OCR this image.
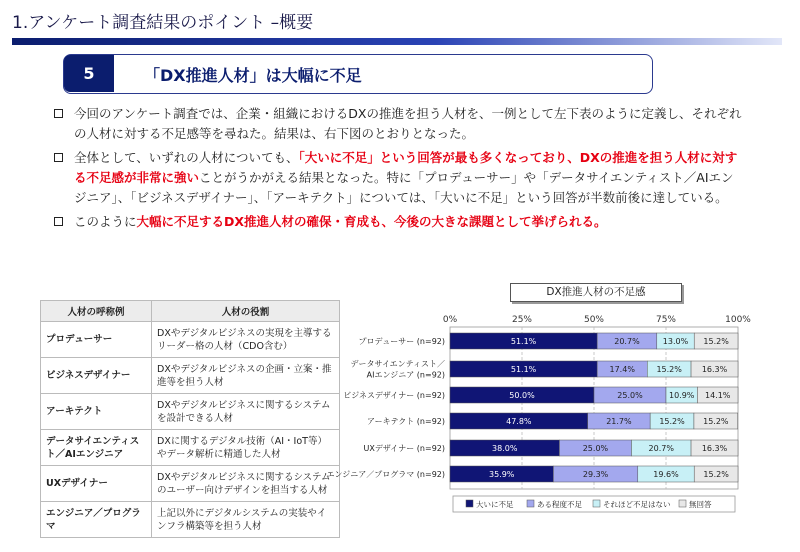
1.アンケート調査結果のポイント –概要
5	「DX推進人材」は大幅に不足
今回のアンケート調査では、企業・組織におけるDXの推進を担う人材を、一例として左下表のように定義し、それぞれの人材に対する不足感等を尋ねた。結果は、右下図のとおりとなった。
全体として、いずれの人材についても、「大いに不足」という回答が最も多くなっており、DXの推進を担う人材に対する不足感が非常に強いことがうかがえる結果となった。特に「プロデューサー」や「データサイエンティスト／AIエンジニア」、「ビジネスデザイナー」、「アーキテクト」については、「大いに不足」という回答が半数前後に達している。
このように大幅に不足するDX推進人材の確保・育成も、今後の大きな課題として挙げられる。
人材の呼称例	人材の役割
プロデューサー	DXやデジタルビジネスの実現を主導するリーダー格の人材（CDO含む）
ビジネスデザイナー	DXやデジタルビジネスの企画・立案・推進等を担う人材
アーキテクト	DXやデジタルビジネスに関するシステムを設計できる人材
データサイエンティスト／AIエンジニア	DXに関するデジタル技術（AI・IoT等）やデータ解析に精通した人材
UXデザイナー	DXやデジタルビジネスに関するシステムのユーザー向けデザインを担当する人材
エンジニア／プログラマ	上記以外にデジタルシステムの実装やインフラ構築等を担う人材
DX推進人材の不足感
0%	25%	50%	75%	100%
プロデューサー (n=92)
データサイエンティスト／
AIエンジニア (n=92)
ビジネスデザイナー (n=92)
アーキテクト (n=92)
UXデザイナー (n=92)
エンジニア／プログラマ (n=92)
51.1%	20.7%	13.0% 15.2%
51.1%	17.4%	15.2% 16.3%
50.0%	25.0%	10.9% 14.1%
47.8%	21.7%	15.2% 15.2%
38.0%	25.0%	20.7%	16.3%
35.9%	29.3%	19.6%	15.2%
大いに不足	ある程度不足	それほど不足はない 無回答
